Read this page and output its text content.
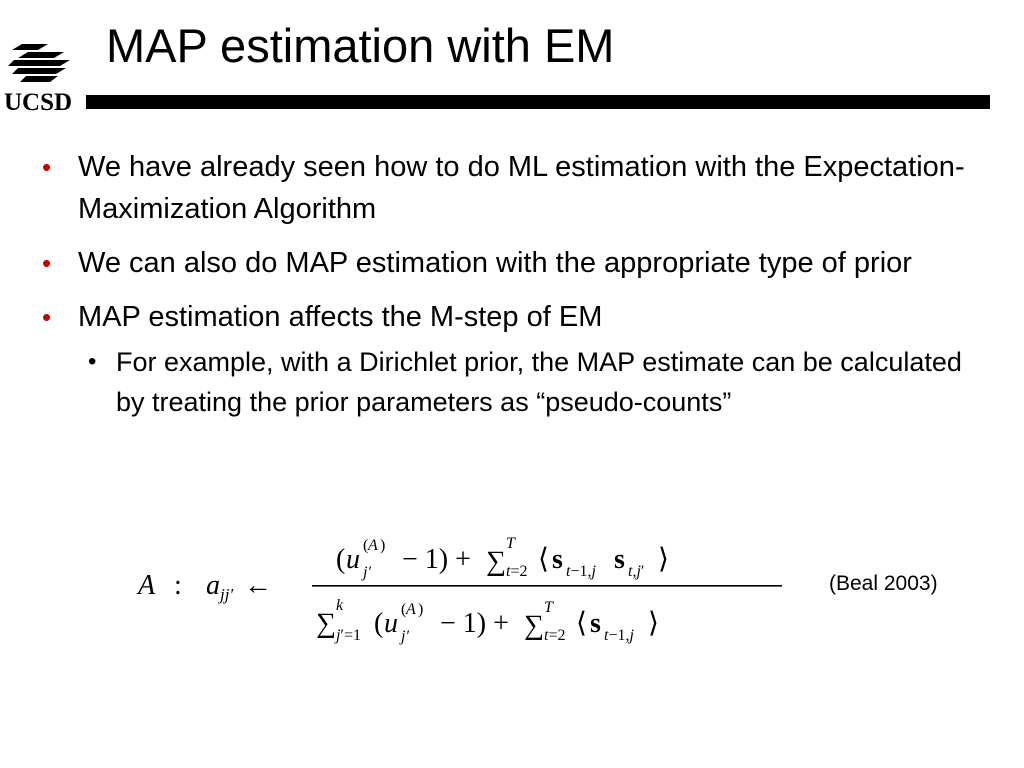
UCSD
MAP estimation with EM
• We have already seen how to do ML estimation with the Expectation-Maximization Algorithm
• We can also do MAP estimation with the appropriate type of prior
• MAP estimation affects the M-step of EM
• For example, with a Dirichlet prior, the MAP estimate can be calculated by treating the prior parameters as “pseudo-counts”
A : a jj′ ←
( u ( A )
j′ − 1) + ∑
T
t=2 ⟨ s t−1,j s t,j′ ⟩
∑
k
j′=1 ( u ( A )
j′ − 1) + ∑
T
t=2 ⟨ s t−1,j ⟩
(Beal 2003)
